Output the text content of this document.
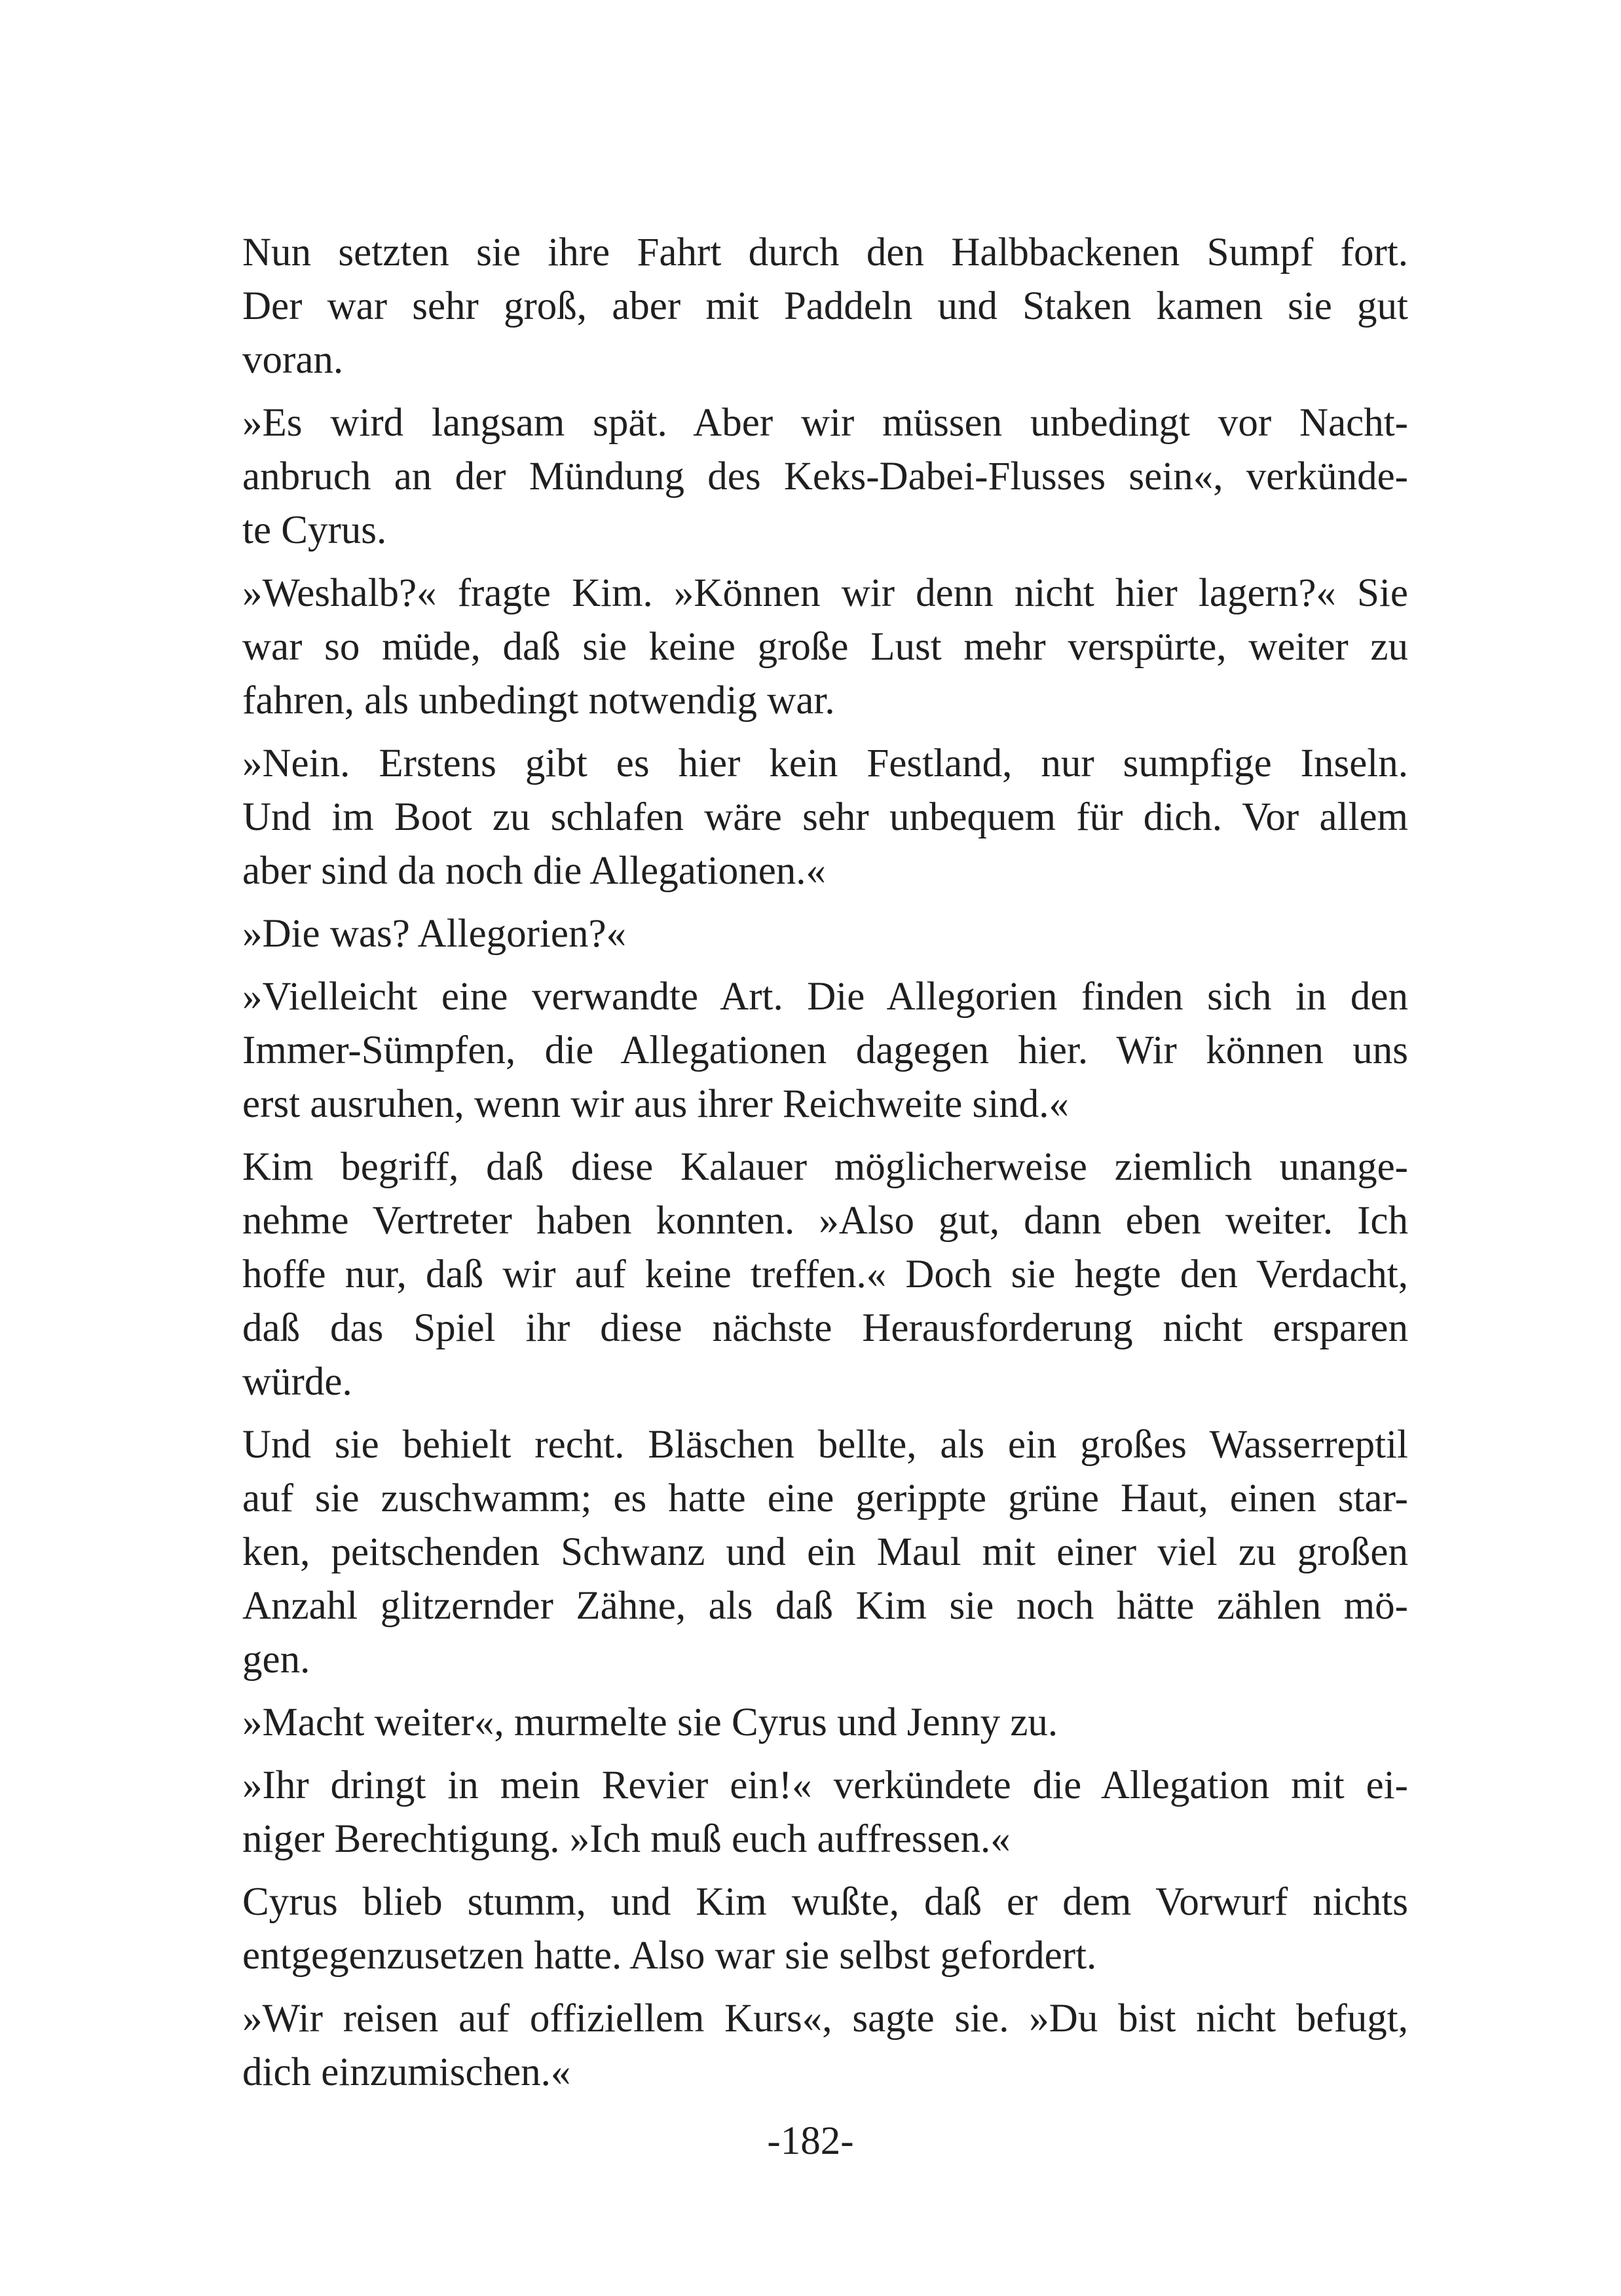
Nun setzten sie ihre Fahrt durch den Halbbackenen Sumpf fort.
Der war sehr groß, aber mit Paddeln und Staken kamen sie gut
voran.

»Es wird langsam spät. Aber wir müssen unbedingt vor Nacht-
anbruch an der Mündung des Keks-Dabei-Flusses sein«, verkünde-
te Cyrus.

»Weshalb?« fragte Kim. »Können wir denn nicht hier lagern?« Sie
war so müde, daß sie keine große Lust mehr verspürte, weiter zu
fahren, als unbedingt notwendig war.

»Nein. Erstens gibt es hier kein Festland, nur sumpfige Inseln.
Und im Boot zu schlafen wäre sehr unbequem für dich. Vor allem
aber sind da noch die Allegationen.«

»Die was? Allegorien?«

»Vielleicht eine verwandte Art. Die Allegorien finden sich in den
Immer-Sümpfen, die Allegationen dagegen hier. Wir können uns
erst ausruhen, wenn wir aus ihrer Reichweite sind.«

Kim begriff, daß diese Kalauer möglicherweise ziemlich unange-
nehme Vertreter haben konnten. »Also gut, dann eben weiter. Ich
hoffe nur, daß wir auf keine treffen.« Doch sie hegte den Verdacht,
daß das Spiel ihr diese nächste Herausforderung nicht ersparen
würde.

Und sie behielt recht. Bläschen bellte, als ein großes Wasserreptil
auf sie zuschwamm; es hatte eine gerippte grüne Haut, einen star-
ken, peitschenden Schwanz und ein Maul mit einer viel zu großen
Anzahl glitzernder Zähne, als daß Kim sie noch hätte zählen mö-
gen.

»Macht weiter«, murmelte sie Cyrus und Jenny zu.

»Ihr dringt in mein Revier ein!« verkündete die Allegation mit ei-
niger Berechtigung. »Ich muß euch auffressen.«

Cyrus blieb stumm, und Kim wußte, daß er dem Vorwurf nichts
entgegenzusetzen hatte. Also war sie selbst gefordert.

»Wir reisen auf offiziellem Kurs«, sagte sie. »Du bist nicht befugt,
dich einzumischen.«

-182-
